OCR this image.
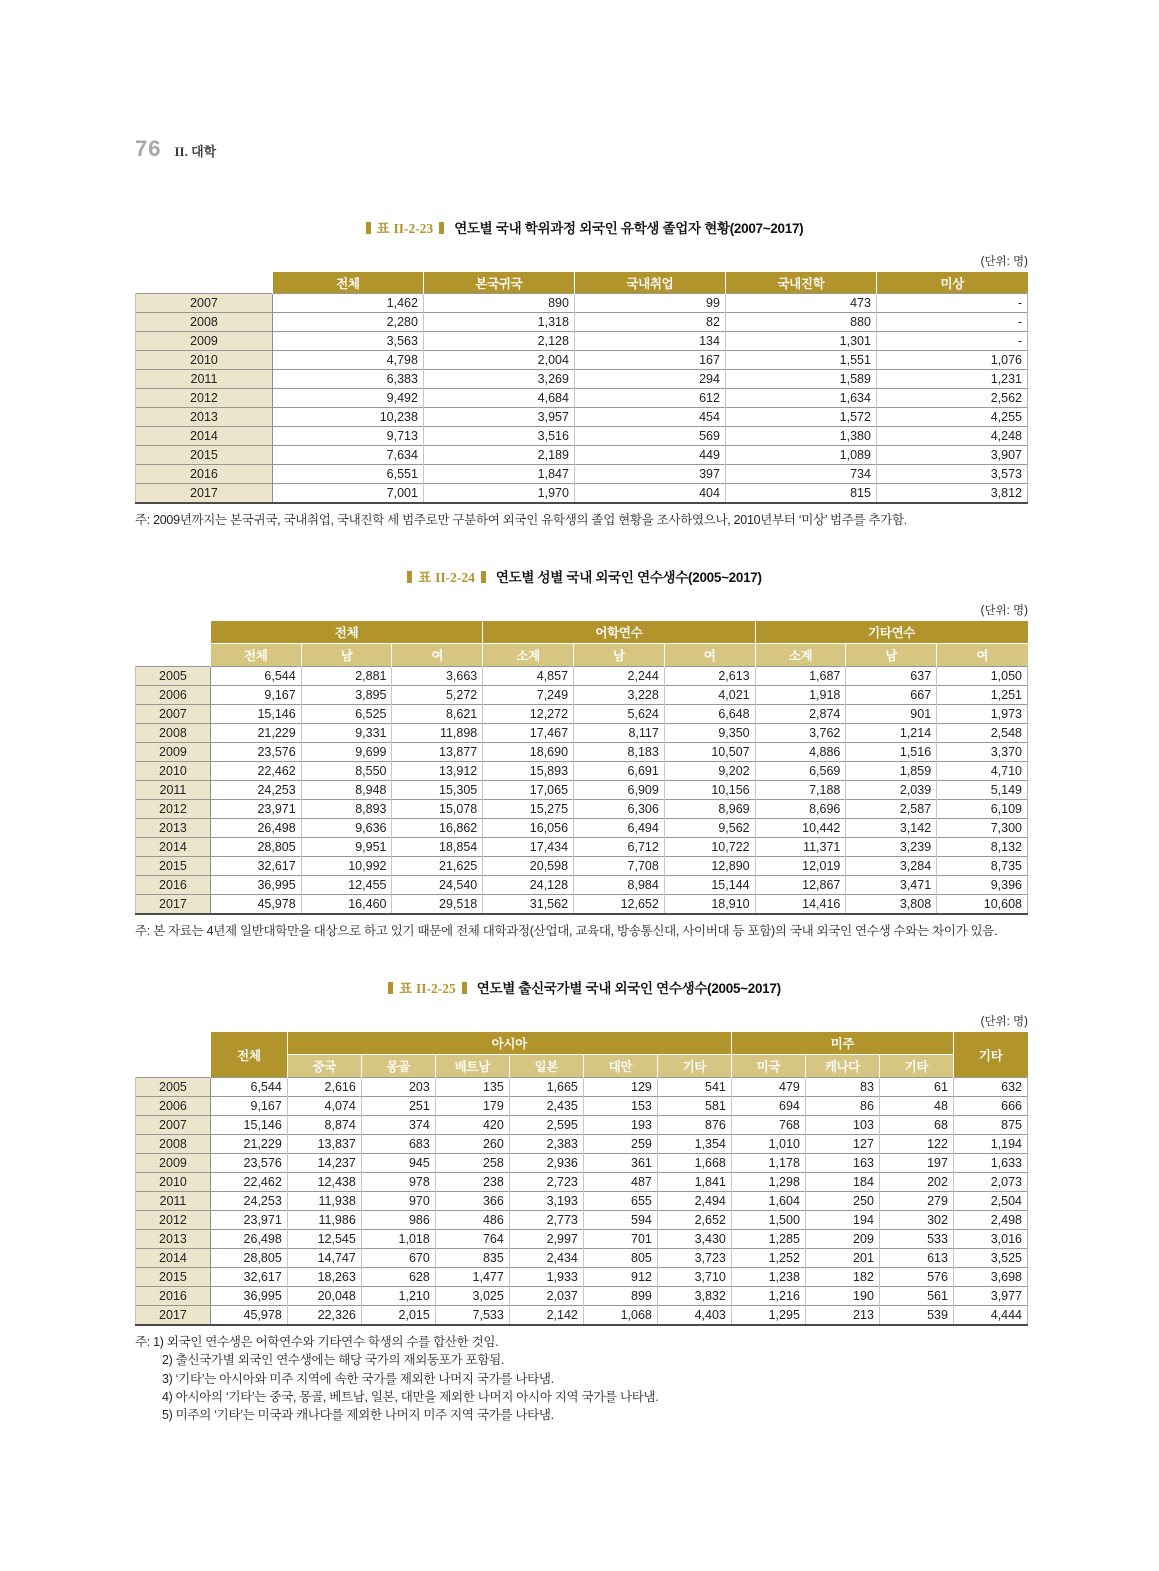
76 II. 대학
표 II-2-23 연도별 국내 학위과정 외국인 유학생 졸업자 현황(2007~2017)
(단위: 명)
	전체	본국귀국	국내취업	국내진학	미상
2007	1,462	890	99	473	-
2008	2,280	1,318	82	880	-
2009	3,563	2,128	134	1,301	-
2010	4,798	2,004	167	1,551	1,076
2011	6,383	3,269	294	1,589	1,231
2012	9,492	4,684	612	1,634	2,562
2013	10,238	3,957	454	1,572	4,255
2014	9,713	3,516	569	1,380	4,248
2015	7,634	2,189	449	1,089	3,907
2016	6,551	1,847	397	734	3,573
2017	7,001	1,970	404	815	3,812
주: 2009년까지는 본국귀국, 국내취업, 국내진학 세 범주로만 구분하여 외국인 유학생의 졸업 현황을 조사하였으나, 2010년부터 ‘미상’ 범주를 추가함.
표 II-2-24 연도별 성별 국내 외국인 연수생수(2005~2017)
(단위: 명)
	전체			어학연수			기타연수		
	전체	남	여	소계	남	여	소계	남	여
2005	6,544	2,881	3,663	4,857	2,244	2,613	1,687	637	1,050
2006	9,167	3,895	5,272	7,249	3,228	4,021	1,918	667	1,251
2007	15,146	6,525	8,621	12,272	5,624	6,648	2,874	901	1,973
2008	21,229	9,331	11,898	17,467	8,117	9,350	3,762	1,214	2,548
2009	23,576	9,699	13,877	18,690	8,183	10,507	4,886	1,516	3,370
2010	22,462	8,550	13,912	15,893	6,691	9,202	6,569	1,859	4,710
2011	24,253	8,948	15,305	17,065	6,909	10,156	7,188	2,039	5,149
2012	23,971	8,893	15,078	15,275	6,306	8,969	8,696	2,587	6,109
2013	26,498	9,636	16,862	16,056	6,494	9,562	10,442	3,142	7,300
2014	28,805	9,951	18,854	17,434	6,712	10,722	11,371	3,239	8,132
2015	32,617	10,992	21,625	20,598	7,708	12,890	12,019	3,284	8,735
2016	36,995	12,455	24,540	24,128	8,984	15,144	12,867	3,471	9,396
2017	45,978	16,460	29,518	31,562	12,652	18,910	14,416	3,808	10,608
주: 본 자료는 4년제 일반대학만을 대상으로 하고 있기 때문에 전체 대학과정(산업대, 교육대, 방송통신대, 사이버대 등 포함)의 국내 외국인 연수생 수와는 차이가 있음.
표 II-2-25 연도별 출신국가별 국내 외국인 연수생수(2005~2017)
(단위: 명)
	전체	아시아						미주			기타
		중국	몽골	베트남	일본	대만	기타	미국	캐나다	기타	
2005	6,544	2,616	203	135	1,665	129	541	479	83	61	632
2006	9,167	4,074	251	179	2,435	153	581	694	86	48	666
2007	15,146	8,874	374	420	2,595	193	876	768	103	68	875
2008	21,229	13,837	683	260	2,383	259	1,354	1,010	127	122	1,194
2009	23,576	14,237	945	258	2,936	361	1,668	1,178	163	197	1,633
2010	22,462	12,438	978	238	2,723	487	1,841	1,298	184	202	2,073
2011	24,253	11,938	970	366	3,193	655	2,494	1,604	250	279	2,504
2012	23,971	11,986	986	486	2,773	594	2,652	1,500	194	302	2,498
2013	26,498	12,545	1,018	764	2,997	701	3,430	1,285	209	533	3,016
2014	28,805	14,747	670	835	2,434	805	3,723	1,252	201	613	3,525
2015	32,617	18,263	628	1,477	1,933	912	3,710	1,238	182	576	3,698
2016	36,995	20,048	1,210	3,025	2,037	899	3,832	1,216	190	561	3,977
2017	45,978	22,326	2,015	7,533	2,142	1,068	4,403	1,295	213	539	4,444
주: 1) 외국인 연수생은 어학연수와 기타연수 학생의 수를 합산한 것임.
2) 출신국가별 외국인 연수생에는 해당 국가의 재외동포가 포함됨.
3) ‘기타’는 아시아와 미주 지역에 속한 국가를 제외한 나머지 국가를 나타냄.
4) 아시아의 ‘기타’는 중국, 몽골, 베트남, 일본, 대만을 제외한 나머지 아시아 지역 국가를 나타냄.
5) 미주의 ‘기타’는 미국과 캐나다를 제외한 나머지 미주 지역 국가를 나타냄.
